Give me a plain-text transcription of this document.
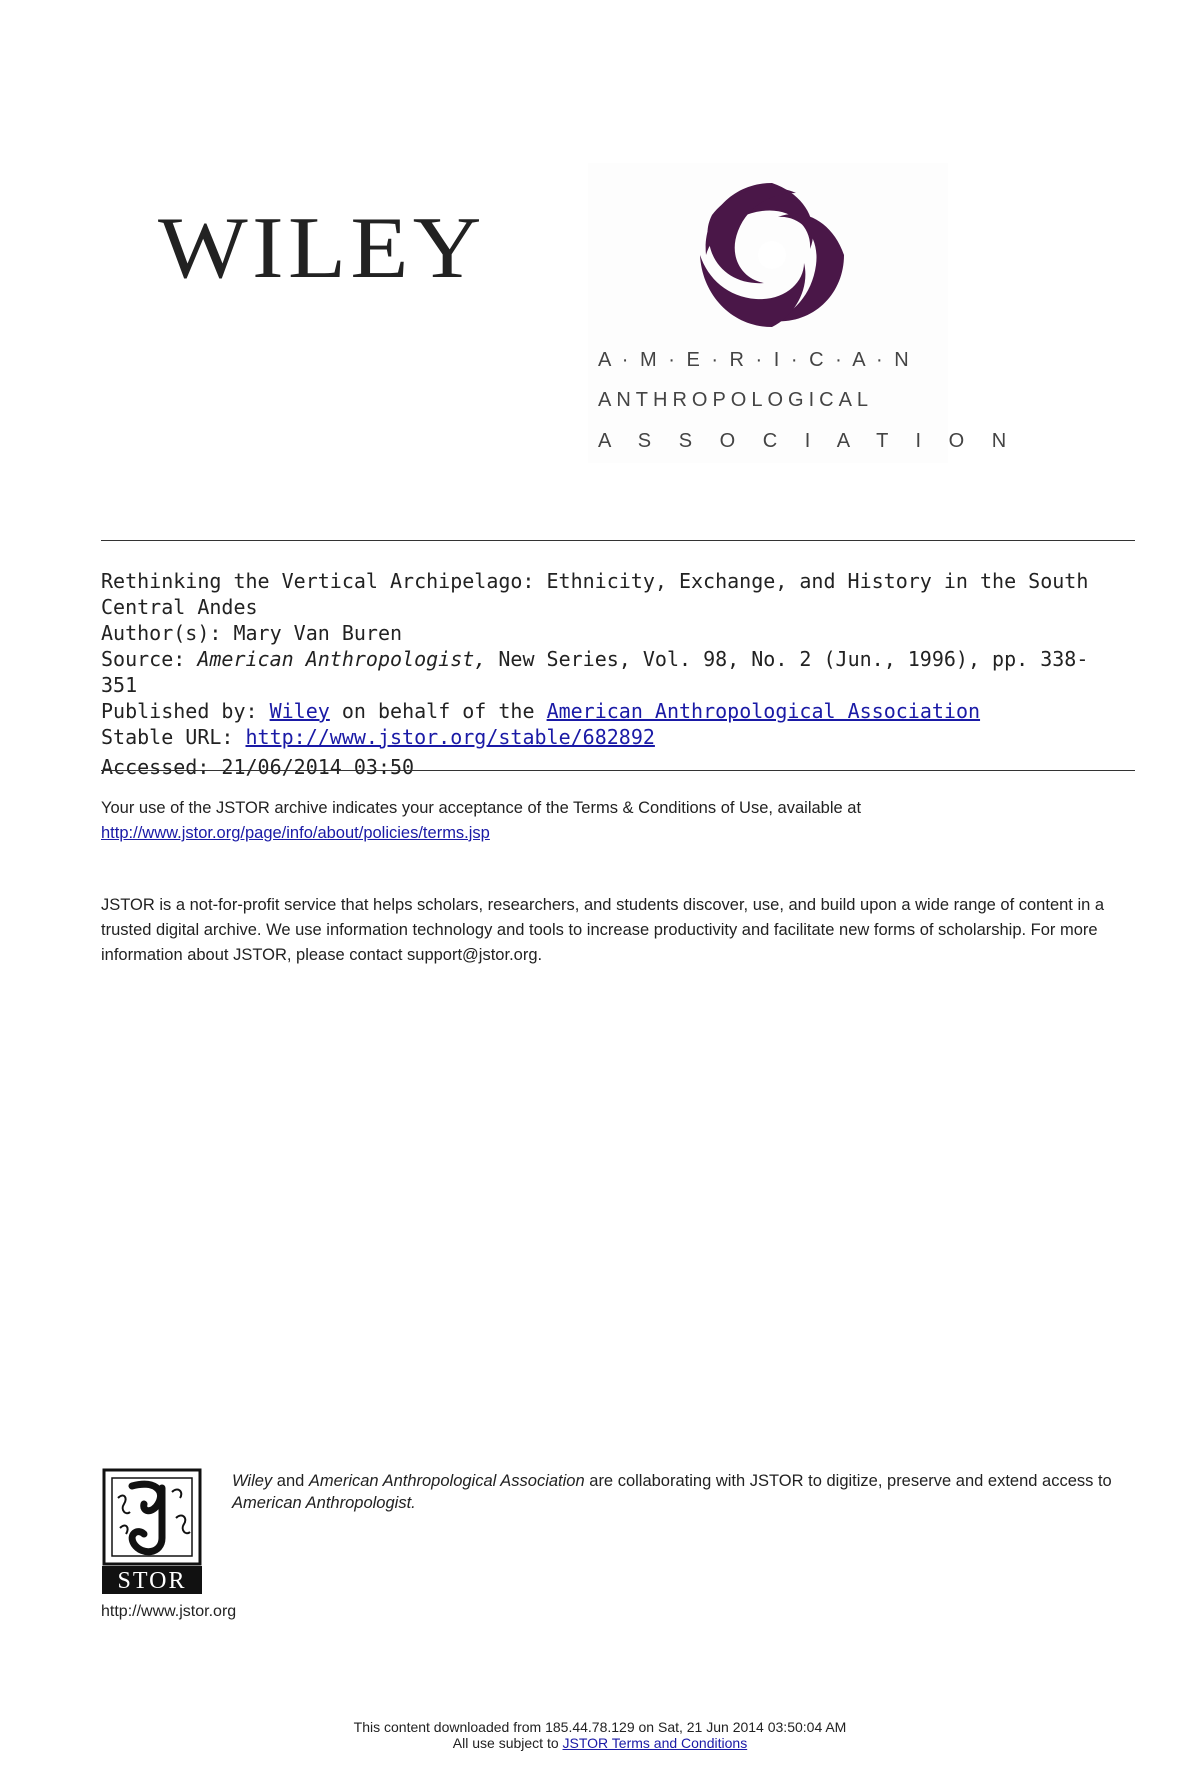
WILEY
A · M · E · R · I · C · A · N
ANTHROPOLOGICAL
A S S O C I A T I O N
Rethinking the Vertical Archipelago: Ethnicity, Exchange, and History in the South Central Andes
Author(s): Mary Van Buren
Source: American Anthropologist, New Series, Vol. 98, No. 2 (Jun., 1996), pp. 338-351
Published by: Wiley on behalf of the American Anthropological Association
Stable URL: http://www.jstor.org/stable/682892
Accessed: 21/06/2014 03:50
Your use of the JSTOR archive indicates your acceptance of the Terms & Conditions of Use, available at
http://www.jstor.org/page/info/about/policies/terms.jsp
JSTOR is a not-for-profit service that helps scholars, researchers, and students discover, use, and build upon a wide range of content in a trusted digital archive. We use information technology and tools to increase productivity and facilitate new forms of scholarship. For more information about JSTOR, please contact support@jstor.org.
STOR
http://www.jstor.org
Wiley and American Anthropological Association are collaborating with JSTOR to digitize, preserve and extend access to American Anthropologist.
This content downloaded from 185.44.78.129 on Sat, 21 Jun 2014 03:50:04 AM
All use subject to JSTOR Terms and Conditions
